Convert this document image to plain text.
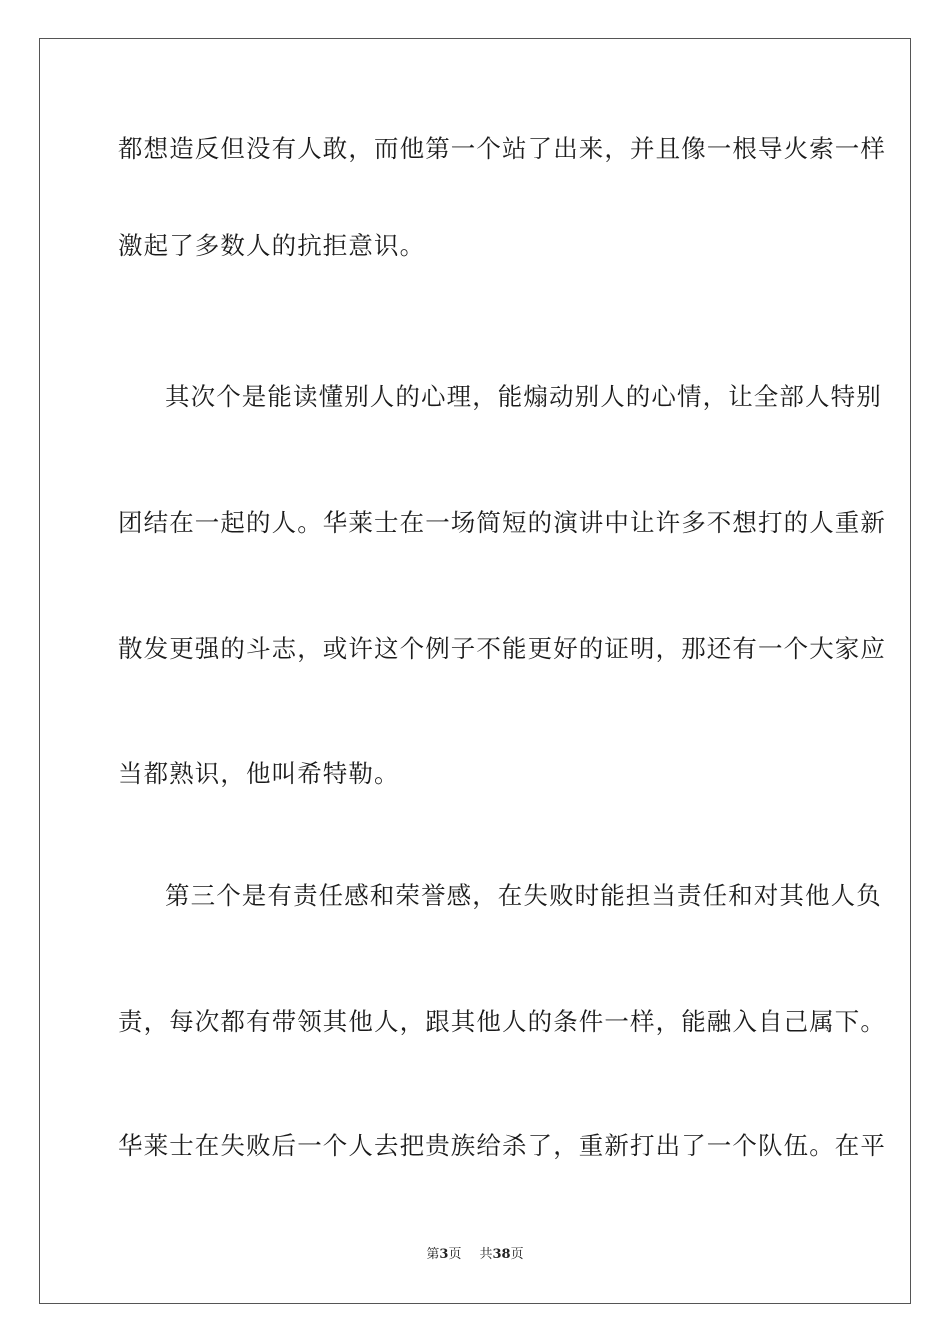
都想造反但没有人敢，而他第一个站了出来，并且像一根导火索一样
激起了多数人的抗拒意识。
其次个是能读懂别人的心理，能煽动别人的心情，让全部人特别
团结在一起的人。华莱士在一场简短的演讲中让许多不想打的人重新
散发更强的斗志，或许这个例子不能更好的证明，那还有一个大家应
当都熟识，他叫希特勒。
第三个是有责任感和荣誉感，在失败时能担当责任和对其他人负
责，每次都有带领其他人，跟其他人的条件一样，能融入自己属下。
华莱士在失败后一个人去把贵族给杀了，重新打出了一个队伍。在平
第3页 共38页
